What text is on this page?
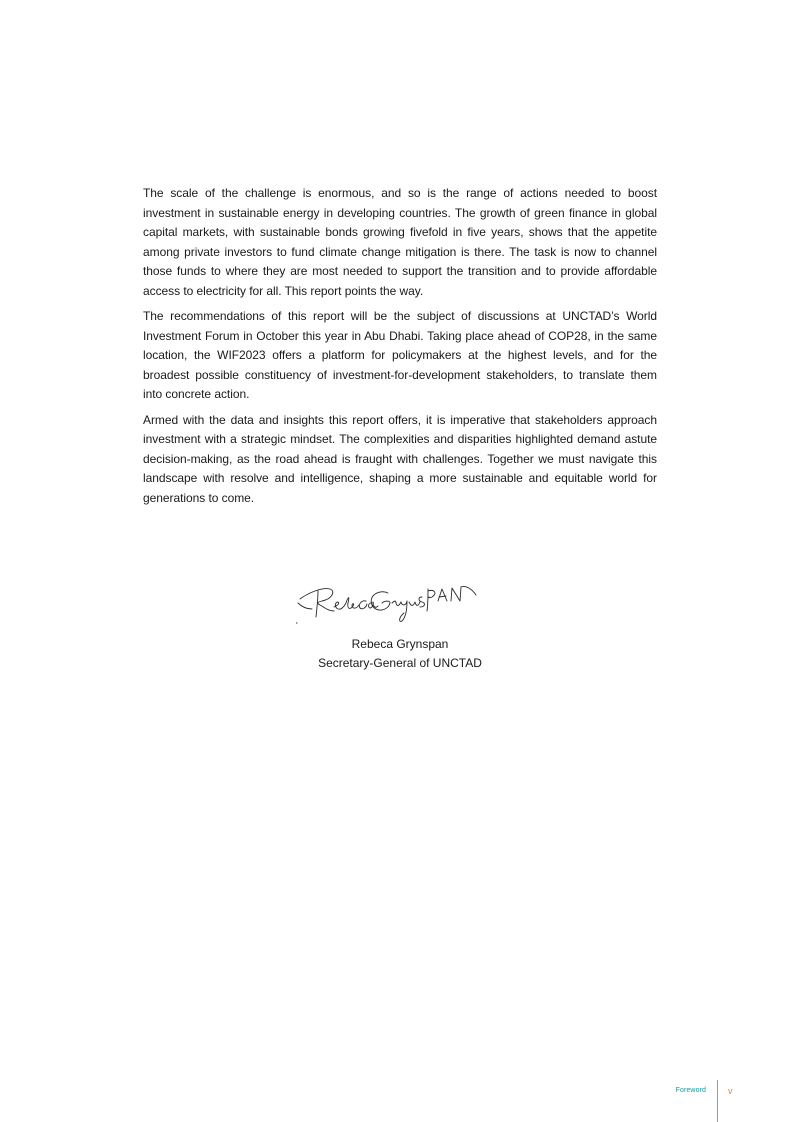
The scale of the challenge is enormous, and so is the range of actions needed to boost investment in sustainable energy in developing countries. The growth of green finance in global capital markets, with sustainable bonds growing fivefold in five years, shows that the appetite among private investors to fund climate change mitigation is there. The task is now to channel those funds to where they are most needed to support the transition and to provide affordable access to electricity for all. This report points the way.

The recommendations of this report will be the subject of discussions at UNCTAD’s World Investment Forum in October this year in Abu Dhabi. Taking place ahead of COP28, in the same location, the WIF2023 offers a platform for policymakers at the highest levels, and for the broadest possible constituency of investment-for-development stakeholders, to translate them into concrete action.

Armed with the data and insights this report offers, it is imperative that stakeholders approach investment with a strategic mindset. The complexities and disparities highlighted demand astute decision-making, as the road ahead is fraught with challenges. Together we must navigate this landscape with resolve and intelligence, shaping a more sustainable and equitable world for generations to come.

Rebeca Grynspan
Secretary-General of UNCTAD
Foreword v
